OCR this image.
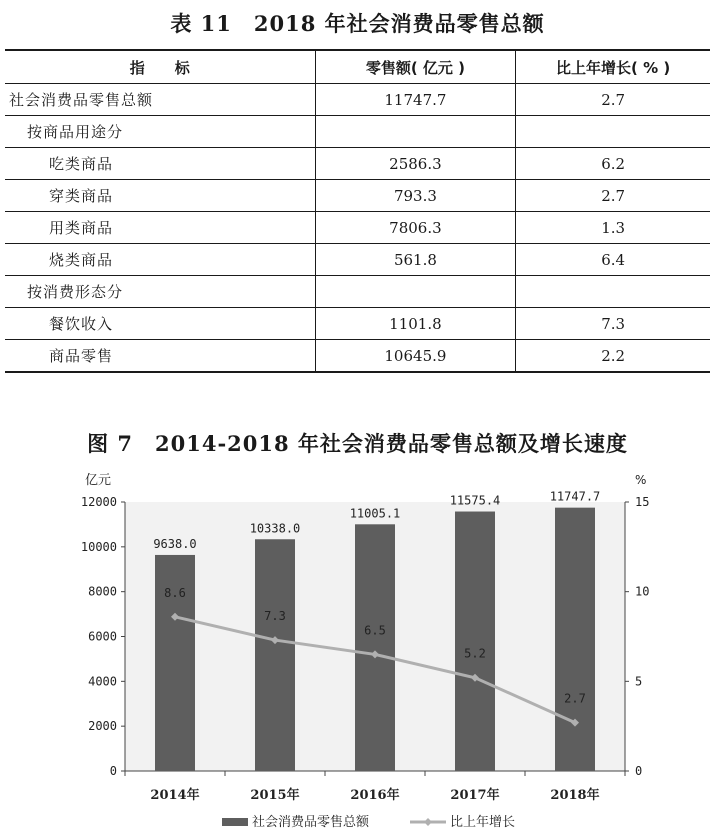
表 11　2018 年社会消费品零售总额
指　　标	零售额( 亿元 )	比上年增长( % )
社会消费品零售总额	11747.7	2.7
按商品用途分		
吃类商品	2586.3	6.2
穿类商品	793.3	2.7
用类商品	7806.3	1.3
烧类商品	561.8	6.4
按消费形态分		
餐饮收入	1101.8	7.3
商品零售	10645.9	2.2
图 7　2014-2018 年社会消费品零售总额及增长速度
0
2000
4000
6000
8000
10000
12000
0
5
10
15
亿元	%
9638.0
10338.0
11005.1
11575.4	11747.7
8.6
7.3
6.5
5.2
2.7
2014年	2015年	2016年	2017年	2018年
社会消费品零售总额	比上年增长
